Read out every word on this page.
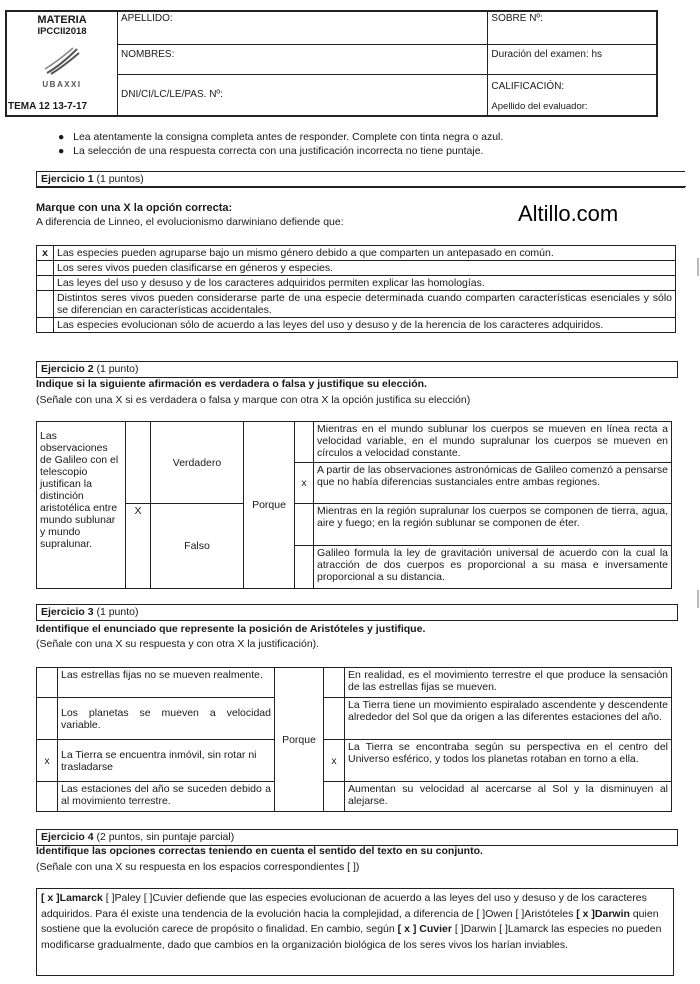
MATERIA
IPCCII2018	APELLIDO:	SOBRE Nº:

UBAXXI	NOMBRES:	Duración del examen: hs
	DNI/CI/LC/LE/PAS. Nº:	CALIFICACIÓN:
Apellido del evaluador:
TEMA 12 13-7-17
● Lea atentamente la consigna completa antes de responder. Complete con tinta negra o azul.
● La selección de una respuesta correcta con una justificación incorrecta no tiene puntaje.
Ejercicio 1 (1 puntos)
Marque con una X la opción correcta:
A diferencia de Linneo, el evolucionismo darwiniano defiende que:	Altillo.com
x	Las especies pueden agruparse bajo un mismo género debido a que comparten un antepasado en común.
	Los seres vivos pueden clasificarse en géneros y especies.
	Las leyes del uso y desuso y de los caracteres adquiridos permiten explicar las homologías.
	Distintos seres vivos pueden considerarse parte de una especie determinada cuando comparten características esenciales y sólo se diferencian en características accidentales.
	Las especies evolucionan sólo de acuerdo a las leyes del uso y desuso y de la herencia de los caracteres adquiridos.
Ejercicio 2 (1 punto)
Indique si la siguiente afirmación es verdadera o falsa y justifique su elección.
(Señale con una X si es verdadera o falsa y marque con otra X la opción justifica su elección)
Las observaciones de Galileo con el telescopio justifican la distinción aristotélica entre mundo sublunar y mundo supralunar.		Verdadero	Porque		Mientras en el mundo sublunar los cuerpos se mueven en línea recta a velocidad variable, en el mundo supralunar los cuerpos se mueven en círculos a velocidad constante.
				x	A partir de las observaciones astronómicas de Galileo comenzó a pensarse que no había diferencias sustanciales entre ambas regiones.
	X	Falso			Mientras en la región supralunar los cuerpos se componen de tierra, agua, aire y fuego; en la región sublunar se componen de éter.
					Galileo formula la ley de gravitación universal de acuerdo con la cual la atracción de dos cuerpos es proporcional a su masa e inversamente proporcional a su distancia.
Ejercicio 3 (1 punto)
Identifique el enunciado que represente la posición de Aristóteles y justifique.
(Señale con una X su respuesta y con otra X la justificación).
	Las estrellas fijas no se mueven realmente.	Porque		En realidad, es el movimiento terrestre el que produce la sensación de las estrellas fijas se mueven.
	Los planetas se mueven a velocidad variable.			La Tierra tiene un movimiento espiralado ascendente y descendente alrededor del Sol que da origen a las diferentes estaciones del año.
x	La Tierra se encuentra inmóvil, sin rotar ni trasladarse		x	La Tierra se encontraba según su perspectiva en el centro del Universo esférico, y todos los planetas rotaban en torno a ella.
	Las estaciones del año se suceden debido a al movimiento terrestre.			Aumentan su velocidad al acercarse al Sol y la disminuyen al alejarse.
Ejercicio 4 (2 puntos, sin puntaje parcial)
Identifique las opciones correctas teniendo en cuenta el sentido del texto en su conjunto.
(Señale con una X su respuesta en los espacios correspondientes [ ])
[ x ]Lamarck [ ]Paley [ ]Cuvier defiende que las especies evolucionan de acuerdo a las leyes del uso y desuso y de los caracteres adquiridos. Para él existe una tendencia de la evolución hacia la complejidad, a diferencia de [ ]Owen [ ]Aristóteles [ x ]Darwin quien sostiene que la evolución carece de propósito o finalidad. En cambio, según [ x ] Cuvier [ ]Darwin [ ]Lamarck las especies no pueden modificarse gradualmente, dado que cambios en la organización biológica de los seres vivos los harían inviables.
